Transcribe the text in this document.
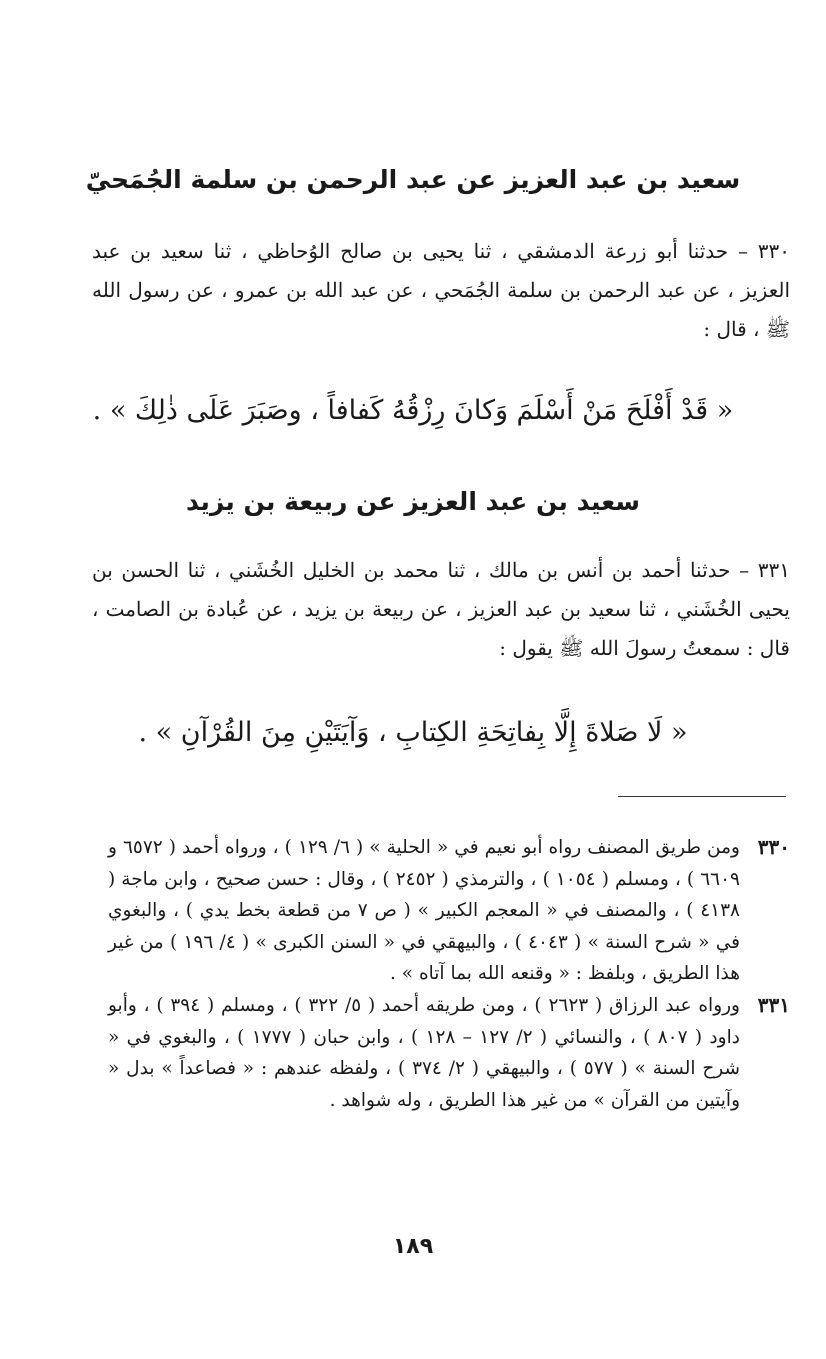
سعيد بن عبد العزيز عن عبد الرحمن بن سلمة الجُمَحيّ
٣٣٠ – حدثنا أبو زرعة الدمشقي ، ثنا يحيى بن صالح الوُحاظي ، ثنا سعيد بن عبد العزيز ، عن عبد الرحمن بن سلمة الجُمَحي ، عن عبد الله بن عمرو ، عن رسول الله ﷺ ، قال :
« قَدْ أَفْلَحَ مَنْ أَسْلَمَ وَكانَ رِزْقُهُ كَفافاً ، وصَبَرَ عَلَى ذٰلِكَ » .
سعيد بن عبد العزيز عن ربيعة بن يزيد
٣٣١ – حدثنا أحمد بن أنس بن مالك ، ثنا محمد بن الخليل الخُشَني ، ثنا الحسن بن يحيى الخُشَني ، ثنا سعيد بن عبد العزيز ، عن ربيعة بن يزيد ، عن عُبادة بن الصامت ، قال : سمعتُ رسولَ الله ﷺ يقول :
« لَا صَلاةَ إِلَّا بِفاتِحَةِ الكِتابِ ، وَآيَتَيْنِ مِنَ القُرْآنِ » .
٣٣٠
ومن طريق المصنف رواه أبو نعيم في « الحلية » ( ٦/ ١٢٩ ) ، ورواه أحمد ( ٦٥٧٢ و ٦٦٠٩ ) ، ومسلم ( ١٠٥٤ ) ، والترمذي ( ٢٤٥٢ ) ، وقال : حسن صحيح ، وابن ماجة ( ٤١٣٨ ) ، والمصنف في « المعجم الكبير » ( ص ٧ من قطعة بخط يدي ) ، والبغوي في « شرح السنة » ( ٤٠٤٣ ) ، والبيهقي في « السنن الكبرى » ( ٤/ ١٩٦ ) من غير هذا الطريق ، وبلفظ : « وقنعه الله بما آتاه » .
٣٣١
ورواه عبد الرزاق ( ٢٦٢٣ ) ، ومن طريقه أحمد ( ٥/ ٣٢٢ ) ، ومسلم ( ٣٩٤ ) ، وأبو داود ( ٨٠٧ ) ، والنسائي ( ٢/ ١٢٧ – ١٢٨ ) ، وابن حبان ( ١٧٧٧ ) ، والبغوي في « شرح السنة » ( ٥٧٧ ) ، والبيهقي ( ٢/ ٣٧٤ ) ، ولفظه عندهم : « فصاعداً » بدل « وآيتين من القرآن » من غير هذا الطريق ، وله شواهد .
١٨٩
